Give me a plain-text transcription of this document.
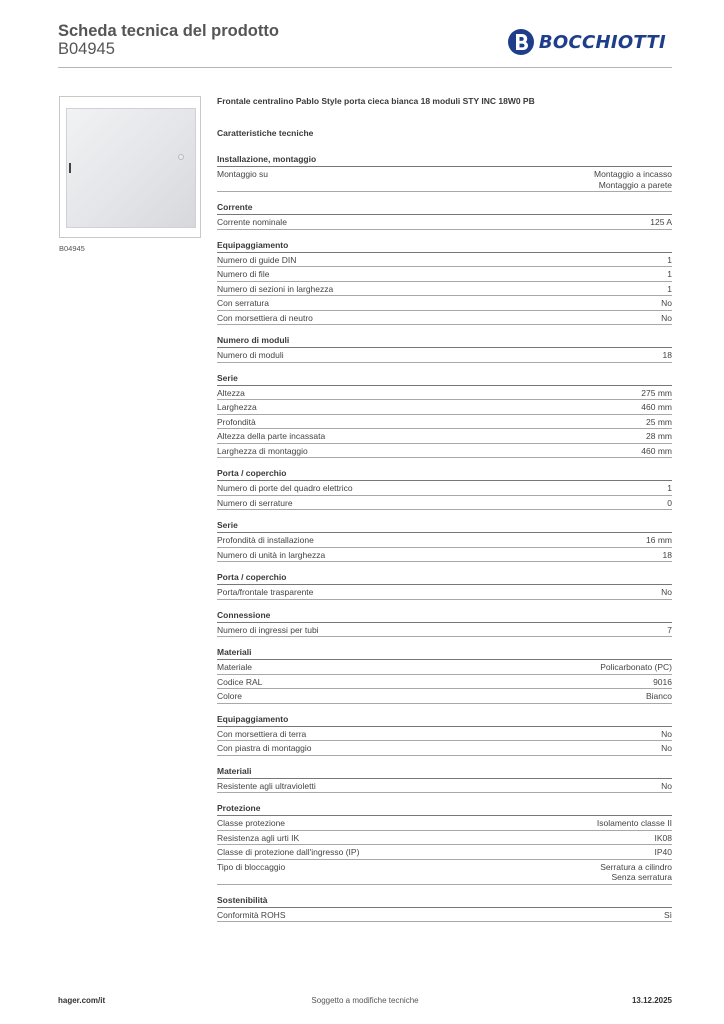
Scheda tecnica del prodotto
B04945	BOCCHIOTTI
B04945
Frontale centralino Pablo Style porta cieca bianca 18 moduli STY INC 18W0 PB
Caratteristiche tecniche
Installazione, montaggio
Montaggio su	Montaggio a incasso
Montaggio a parete
Corrente
Corrente nominale	125 A
Equipaggiamento
Numero di guide DIN	1
Numero di file	1
Numero di sezioni in larghezza	1
Con serratura	No
Con morsettiera di neutro	No
Numero di moduli
Numero di moduli	18
Serie
Altezza	275 mm
Larghezza	460 mm
Profondità	25 mm
Altezza della parte incassata	28 mm
Larghezza di montaggio	460 mm
Porta / coperchio
Numero di porte del quadro elettrico	1
Numero di serrature	0
Serie
Profondità di installazione	16 mm
Numero di unità in larghezza	18
Porta / coperchio
Porta/frontale trasparente	No
Connessione
Numero di ingressi per tubi	7
Materiali
Materiale	Policarbonato (PC)
Codice RAL	9016
Colore	Bianco
Equipaggiamento
Con morsettiera di terra	No
Con piastra di montaggio	No
Materiali
Resistente agli ultravioletti	No
Protezione
Classe protezione	Isolamento classe II
Resistenza agli urti IK	IK08
Classe di protezione dall'ingresso (IP)	IP40
Tipo di bloccaggio	Serratura a cilindro
Senza serratura
Sostenibilità
Conformità ROHS	Sì
hager.com/it	Soggetto a modifiche tecniche	13.12.2025
